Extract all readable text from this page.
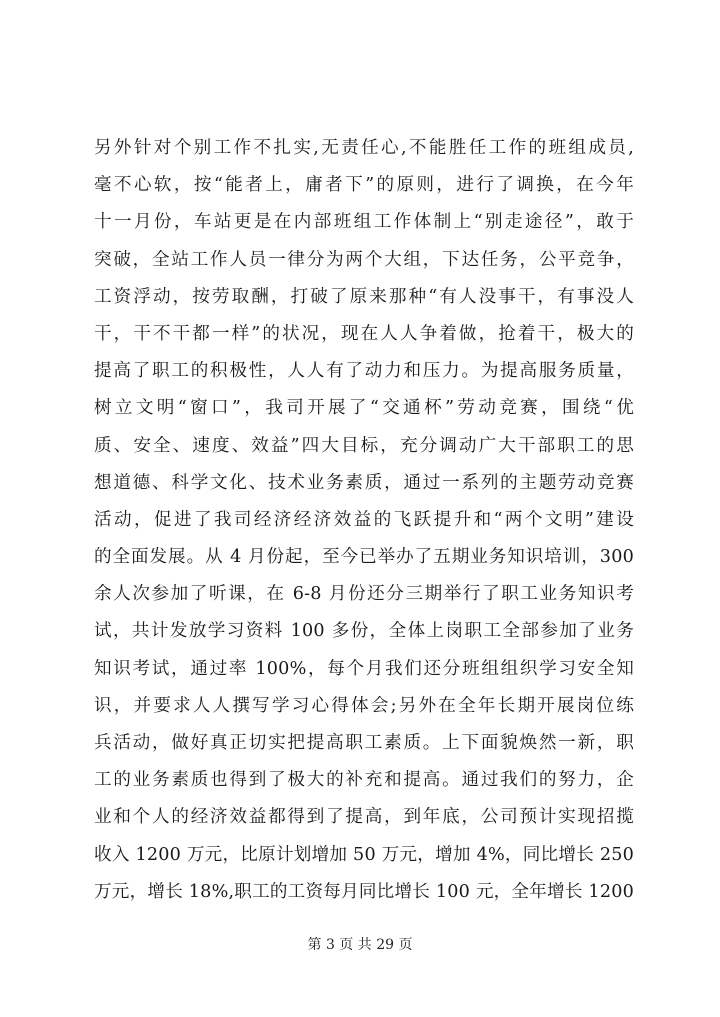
另外针对个别工作不扎实,无责任心,不能胜任工作的班组成员,
毫不心软，按“能者上，庸者下”的原则，进行了调换，在今年
十一月份，车站更是在内部班组工作体制上“别走途径”，敢于
突破，全站工作人员一律分为两个大组，下达任务，公平竞争，
工资浮动，按劳取酬，打破了原来那种“有人没事干，有事没人
干，干不干都一样”的状况，现在人人争着做，抢着干，极大的
提高了职工的积极性，人人有了动力和压力。为提高服务质量，
树立文明“窗口”，我司开展了“交通杯”劳动竞赛，围绕“优
质、安全、速度、效益”四大目标，充分调动广大干部职工的思
想道德、科学文化、技术业务素质，通过一系列的主题劳动竞赛
活动，促进了我司经济经济效益的飞跃提升和“两个文明”建设
的全面发展。从 4 月份起，至今已举办了五期业务知识培训，300
余人次参加了听课，在 6-8 月份还分三期举行了职工业务知识考
试，共计发放学习资料 100 多份，全体上岗职工全部参加了业务
知识考试，通过率 100%，每个月我们还分班组组织学习安全知
识，并要求人人撰写学习心得体会;另外在全年长期开展岗位练
兵活动，做好真正切实把提高职工素质。上下面貌焕然一新，职
工的业务素质也得到了极大的补充和提高。通过我们的努力，企
业和个人的经济效益都得到了提高，到年底，公司预计实现招揽
收入 1200 万元，比原计划增加 50 万元，增加 4%，同比增长 250
万元，增长 18%,职工的工资每月同比增长 100 元，全年增长 1200
第 3 页 共 29 页
